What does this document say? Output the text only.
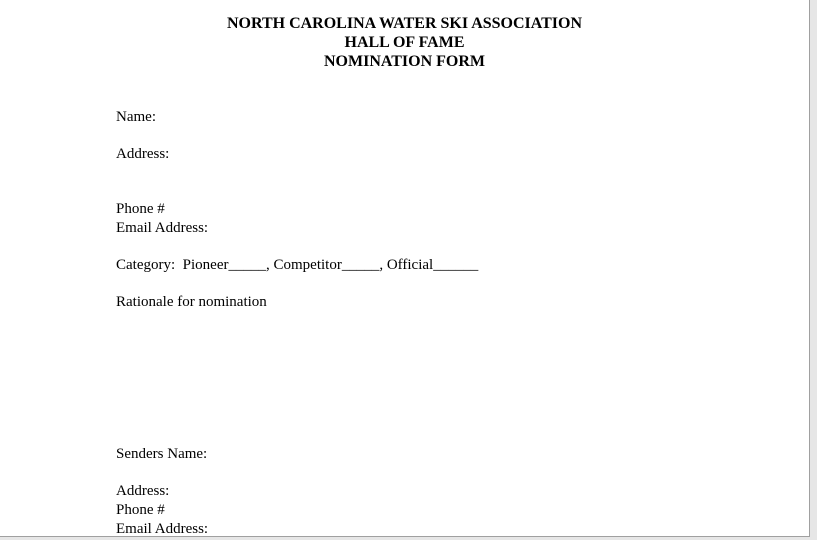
NORTH CAROLINA WATER SKI ASSOCIATION
HALL OF FAME
NOMINATION FORM
Name:
Address:
Phone #
Email Address:
Category: Pioneer_____, Competitor_____, Official______
Rationale for nomination
Senders Name:
Address:
Phone #
Email Address:
